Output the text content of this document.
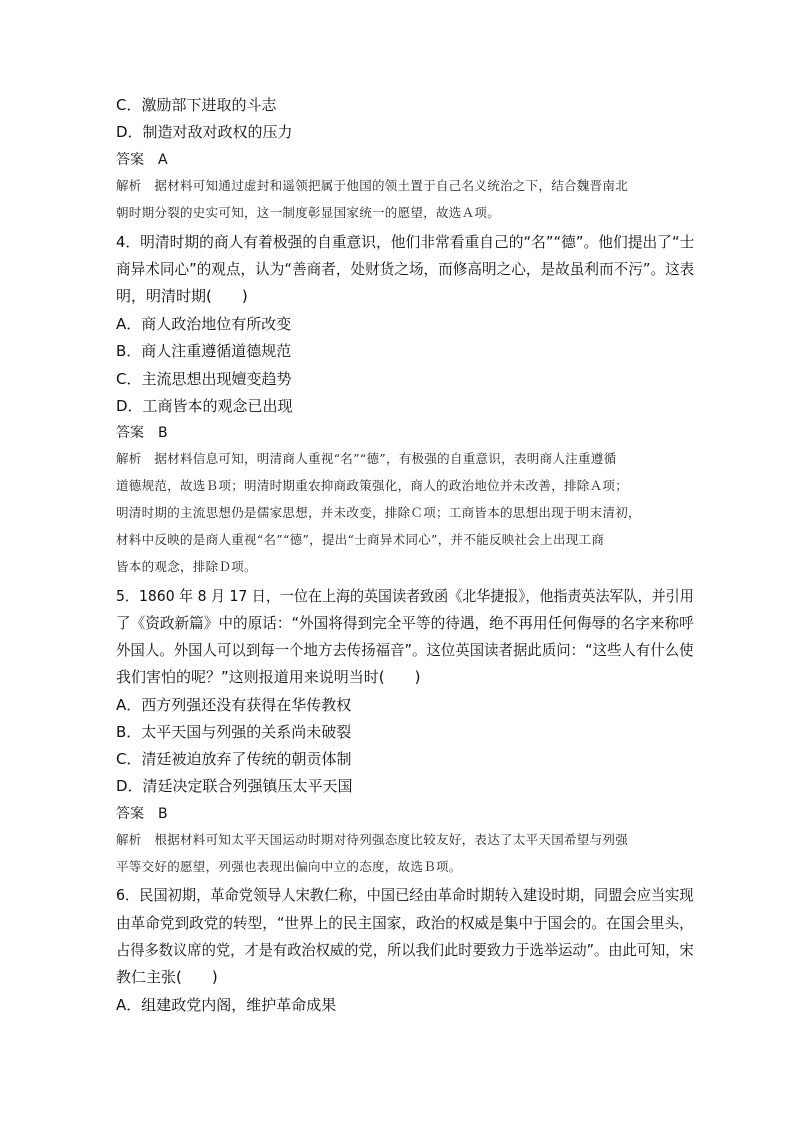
C．激励部下进取的斗志
D．制造对敌对政权的压力
答案　A
解析　据材料可知通过虚封和遥领把属于他国的领土置于自己名义统治之下，结合魏晋南北
朝时期分裂的史实可知，这一制度彰显国家统一的愿望，故选Ａ项。
4．明清时期的商人有着极强的自重意识，他们非常看重自己的“名”“德”。他们提出了“士
商异术同心”的观点，认为“善商者，处财货之场，而修高明之心，是故虽利而不污”。这表
明，明清时期(　　)
A．商人政治地位有所改变
B．商人注重遵循道德规范
C．主流思想出现嬗变趋势
D．工商皆本的观念已出现
答案　B
解析　据材料信息可知，明清商人重视“名”“德”，有极强的自重意识，表明商人注重遵循
道德规范，故选Ｂ项；明清时期重农抑商政策强化，商人的政治地位并未改善，排除Ａ项；
明清时期的主流思想仍是儒家思想，并未改变，排除Ｃ项；工商皆本的思想出现于明末清初，
材料中反映的是商人重视“名”“德”，提出“士商异术同心”，并不能反映社会上出现工商
皆本的观念，排除Ｄ项。
5．1860 年 8 月 17 日，一位在上海的英国读者致函《北华捷报》，他指责英法军队，并引用
了《资政新篇》中的原话：“外国将得到完全平等的待遇，绝不再用任何侮辱的名字来称呼
外国人。外国人可以到每一个地方去传扬福音”。这位英国读者据此质问：“这些人有什么使
我们害怕的呢？”这则报道用来说明当时(　　)
A．西方列强还没有获得在华传教权
B．太平天国与列强的关系尚未破裂
C．清廷被迫放弃了传统的朝贡体制
D．清廷决定联合列强镇压太平天国
答案　B
解析　根据材料可知太平天国运动时期对待列强态度比较友好，表达了太平天国希望与列强
平等交好的愿望，列强也表现出偏向中立的态度，故选Ｂ项。
6．民国初期，革命党领导人宋教仁称，中国已经由革命时期转入建设时期，同盟会应当实现
由革命党到政党的转型，“世界上的民主国家，政治的权威是集中于国会的。在国会里头，
占得多数议席的党，才是有政治权威的党，所以我们此时要致力于选举运动”。由此可知，宋
教仁主张(　　)
A．组建政党内阁，维护革命成果
